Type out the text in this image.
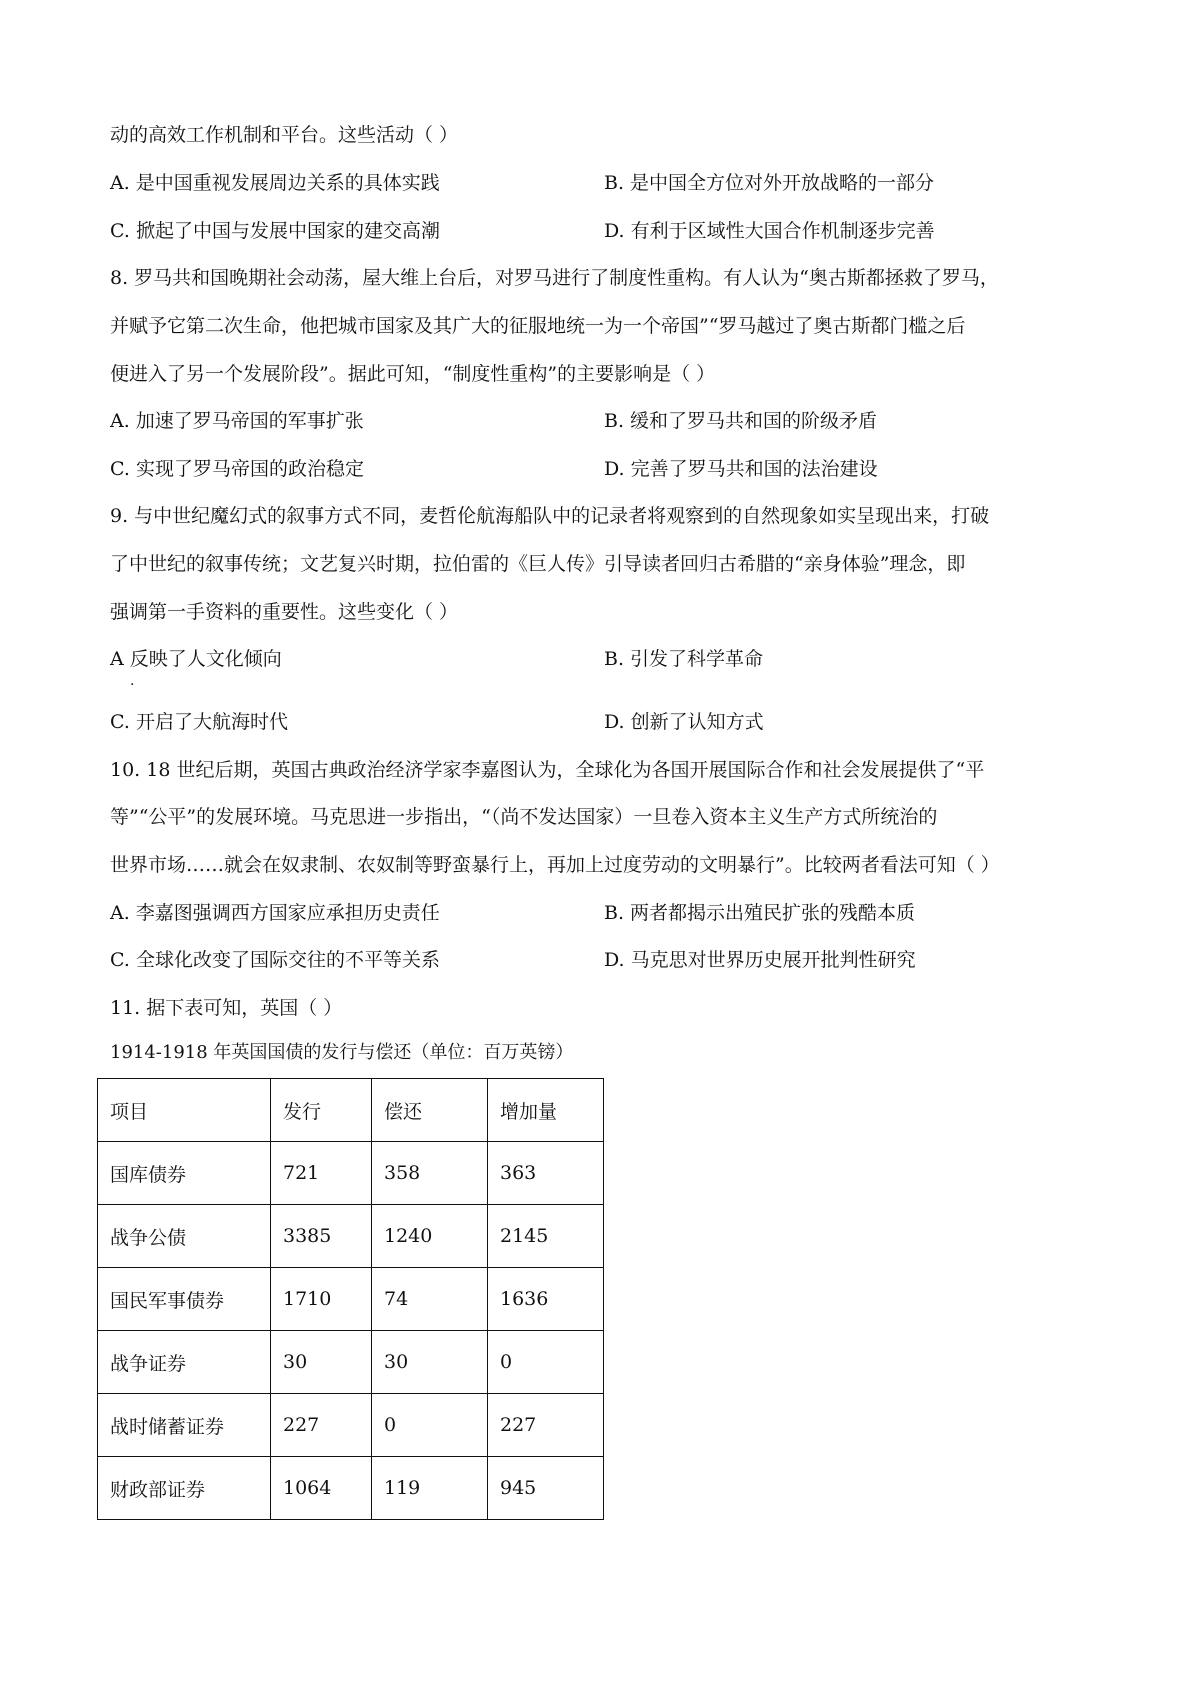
动的高效工作机制和平台。这些活动（ ）
A. 是中国重视发展周边关系的具体实践	B. 是中国全方位对外开放战略的一部分
C. 掀起了中国与发展中国家的建交高潮	D. 有利于区域性大国合作机制逐步完善
8. 罗马共和国晚期社会动荡，屋大维上台后，对罗马进行了制度性重构。有人认为“奥古斯都拯救了罗马，
并赋予它第二次生命，他把城市国家及其广大的征服地统一为一个帝国”“罗马越过了奥古斯都门槛之后
便进入了另一个发展阶段”。据此可知，“制度性重构”的主要影响是（ ）
A. 加速了罗马帝国的军事扩张	B. 缓和了罗马共和国的阶级矛盾
C. 实现了罗马帝国的政治稳定	D. 完善了罗马共和国的法治建设
9. 与中世纪魔幻式的叙事方式不同，麦哲伦航海船队中的记录者将观察到的自然现象如实呈现出来，打破
了中世纪的叙事传统；文艺复兴时期，拉伯雷的《巨人传》引导读者回归古希腊的“亲身体验”理念，即
强调第一手资料的重要性。这些变化（ ）
A 反映了人文化倾向
.
B. 引发了科学革命
C. 开启了大航海时代	D. 创新了认知方式
10. 18 世纪后期，英国古典政治经济学家李嘉图认为，全球化为各国开展国际合作和社会发展提供了“平
等”“公平”的发展环境。马克思进一步指出，“（尚不发达国家）一旦卷入资本主义生产方式所统治的
世界市场……就会在奴隶制、农奴制等野蛮暴行上，再加上过度劳动的文明暴行”。比较两者看法可知（ ）
A. 李嘉图强调西方国家应承担历史责任	B. 两者都揭示出殖民扩张的残酷本质
C. 全球化改变了国际交往的不平等关系	D. 马克思对世界历史展开批判性研究
11. 据下表可知，英国（ ）
1914-1918 年英国国债的发行与偿还（单位：百万英镑）
项目	发行	偿还	增加量
国库债券	721	358	363
战争公债	3385	1240	2145
国民军事债券	1710	74	1636
战争证券	30	30	0
战时储蓄证券	227	0	227
财政部证券	1064	119	945
